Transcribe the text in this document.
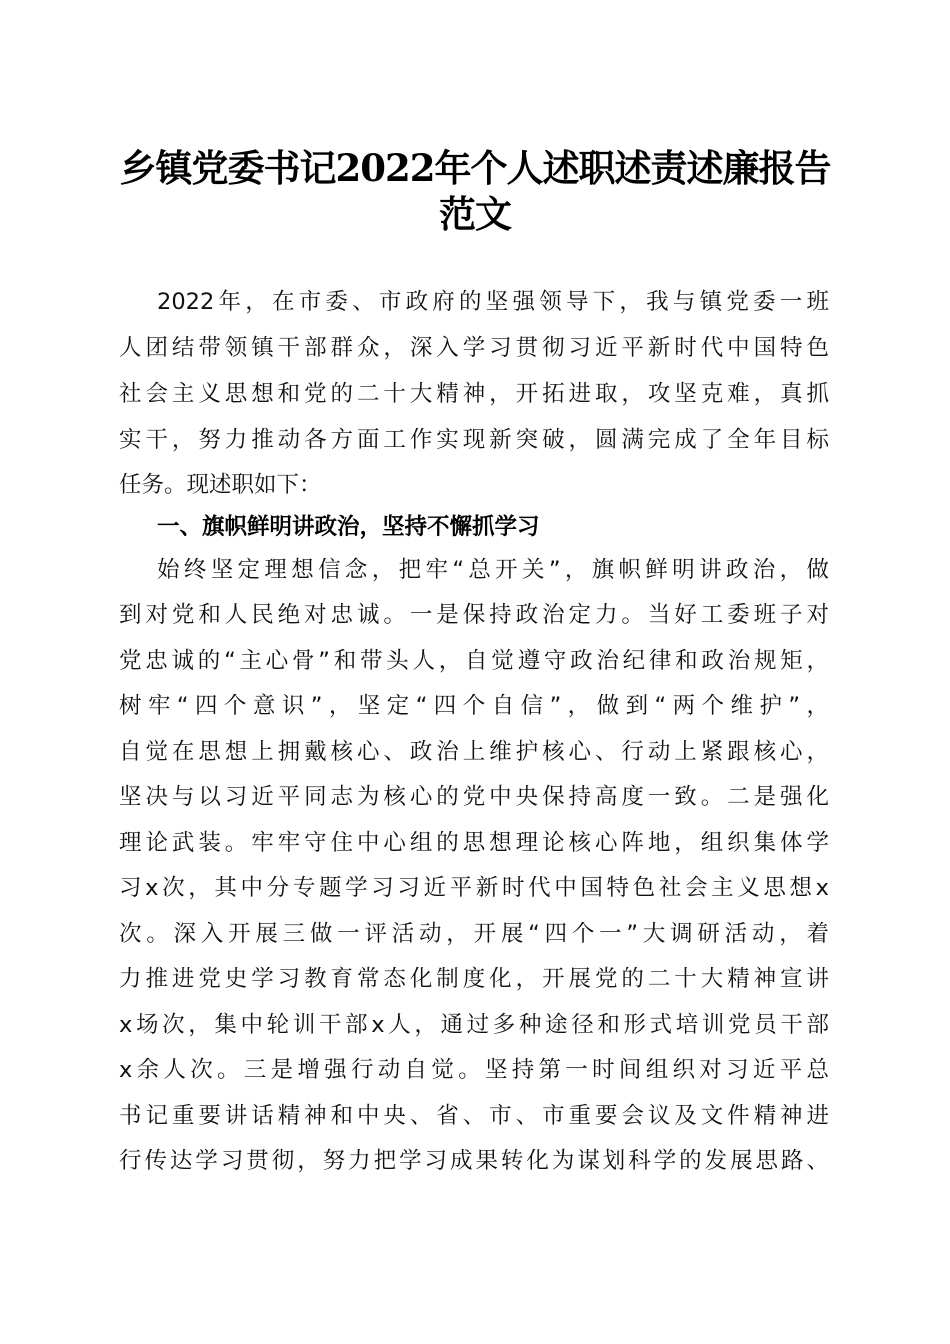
乡镇党委书记2022年个人述职述责述廉报告
范文
2022年，在市委、市政府的坚强领导下，我与镇党委一班
人团结带领镇干部群众，深入学习贯彻习近平新时代中国特色
社会主义思想和党的二十大精神，开拓进取，攻坚克难，真抓
实干，努力推动各方面工作实现新突破，圆满完成了全年目标
任务。现述职如下：
一、旗帜鲜明讲政治，坚持不懈抓学习
始终坚定理想信念，把牢“总开关”，旗帜鲜明讲政治，做
到对党和人民绝对忠诚。一是保持政治定力。当好工委班子对
党忠诚的“主心骨”和带头人，自觉遵守政治纪律和政治规矩，
树牢“四个意识”，坚定“四个自信”，做到“两个维护”，
自觉在思想上拥戴核心、政治上维护核心、行动上紧跟核心，
坚决与以习近平同志为核心的党中央保持高度一致。二是强化
理论武装。牢牢守住中心组的思想理论核心阵地，组织集体学
习x次，其中分专题学习习近平新时代中国特色社会主义思想x
次。深入开展三做一评活动，开展“四个一”大调研活动，着
力推进党史学习教育常态化制度化，开展党的二十大精神宣讲
x场次，集中轮训干部x人，通过多种途径和形式培训党员干部
x余人次。三是增强行动自觉。坚持第一时间组织对习近平总
书记重要讲话精神和中央、省、市、市重要会议及文件精神进
行传达学习贯彻，努力把学习成果转化为谋划科学的发展思路、
